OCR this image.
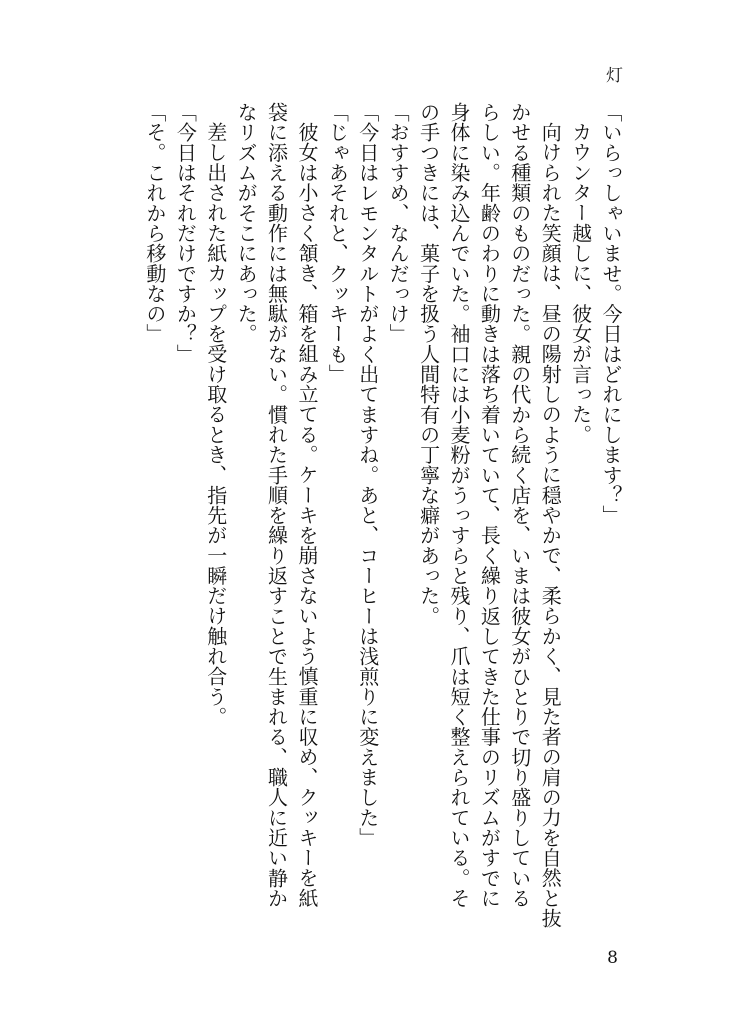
灯

「いらっしゃいませ。今日はどれにします？」

カウンター越しに、彼女が言った。

向けられた笑顔は、昼の陽射しのように穏やかで、柔らかく、見た者の肩の力を自然と抜

かせる種類のものだった。親の代から続く店を、いまは彼女がひとりで切り盛りしている

らしい。年齢のわりに動きは落ち着いていて、長く繰り返してきた仕事のリズムがすでに

身体に染み込んでいた。袖口には小麦粉がうっすらと残り、爪は短く整えられている。そ

の手つきには、菓子を扱う人間特有の丁寧な癖があった。

「おすすめ、なんだっけ」

「今日はレモンタルトがよく出てますね。あと、コーヒーは浅煎りに変えました」

「じゃあそれと、クッキーも」

彼女は小さく頷き、箱を組み立てる。ケーキを崩さないよう慎重に収め、クッキーを紙

袋に添える動作には無駄がない。慣れた手順を繰り返すことで生まれる、職人に近い静か

なリズムがそこにあった。

差し出された紙カップを受け取るとき、指先が一瞬だけ触れ合う。

「今日はそれだけですか？」

「そ。これから移動なの」

8
